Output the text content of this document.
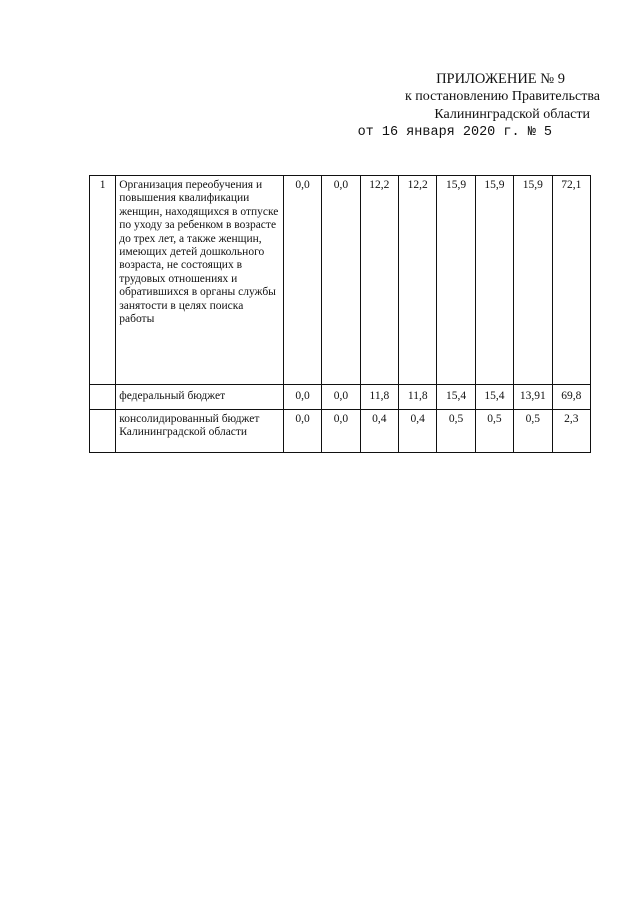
ПРИЛОЖЕНИЕ № 9
к постановлению Правительства
Калининградской области
от 16 января 2020 г. № 5
1	Организация переобучения и повышения квалификации женщин, находящихся в отпуске по уходу за ребенком в возрасте до трех лет, а также женщин, имеющих детей дошкольного возраста, не состоящих в трудовых отношениях и обратившихся в органы службы занятости в целях поиска работы	0,0	0,0	12,2	12,2	15,9	15,9	15,9	72,1
	федеральный бюджет	0,0	0,0	11,8	11,8	15,4	15,4	13,91	69,8
	консолидированный бюджет Калининградской области	0,0	0,0	0,4	0,4	0,5	0,5	0,5	2,3
